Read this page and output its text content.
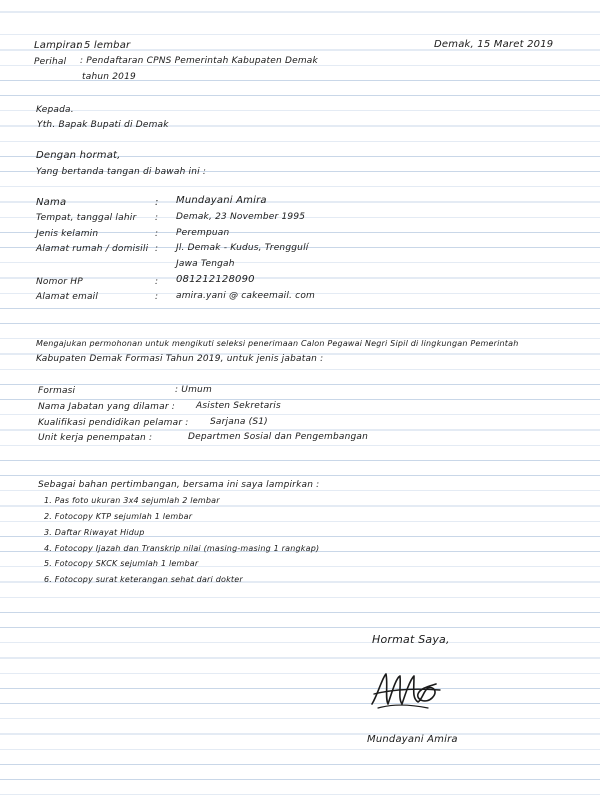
Lampiran
: 5 lembar	Demak, 15 Maret 2019
Perihal : Pendaftaran CPNS Pemerintah Kabupaten Demak
tahun 2019
Kepada.
Yth. Bapak Bupati di Demak
Dengan hormat,
Yang bertanda tangan di bawah ini :
Nama	: Mundayani Amira
Tempat, tanggal lahir : Demak, 23 November 1995
Jenis kelamin	: Perempuan
Alamat rumah / domisili : Jl. Demak - Kudus, Trenggulí
Jawa Tengah
Nomor HP	: 081212128090
Alamat email	: amira.yani @ cakeemail. com
Mengajukan permohonan untuk mengikuti seleksi penerimaan Calon Pegawai Negri Sipil di lingkungan Pemerintah
Kabupaten Demak Formasi Tahun 2019, untuk jenis jabatan :
Formasi	: Umum
Nama Jabatan yang dilamar : Asisten Sekretaris
Kualifikasi pendidikan pelamar : Sarjana (S1)
Unit kerja penempatan :	Departmen Sosial dan Pengembangan
Sebagai bahan pertimbangan, bersama ini saya lampirkan :
1. Pas foto ukuran 3x4 sejumlah 2 lembar
2. Fotocopy KTP sejumlah 1 lembar
3. Daftar Riwayat Hidup
4. Fotocopy Ijazah dan Transkrip nilai (masing-masing 1 rangkap)
5. Fotocopy SKCK sejumlah 1 lembar
6. Fotocopy surat keterangan sehat dari dokter
Hormat Saya,
Mundayani Amira
